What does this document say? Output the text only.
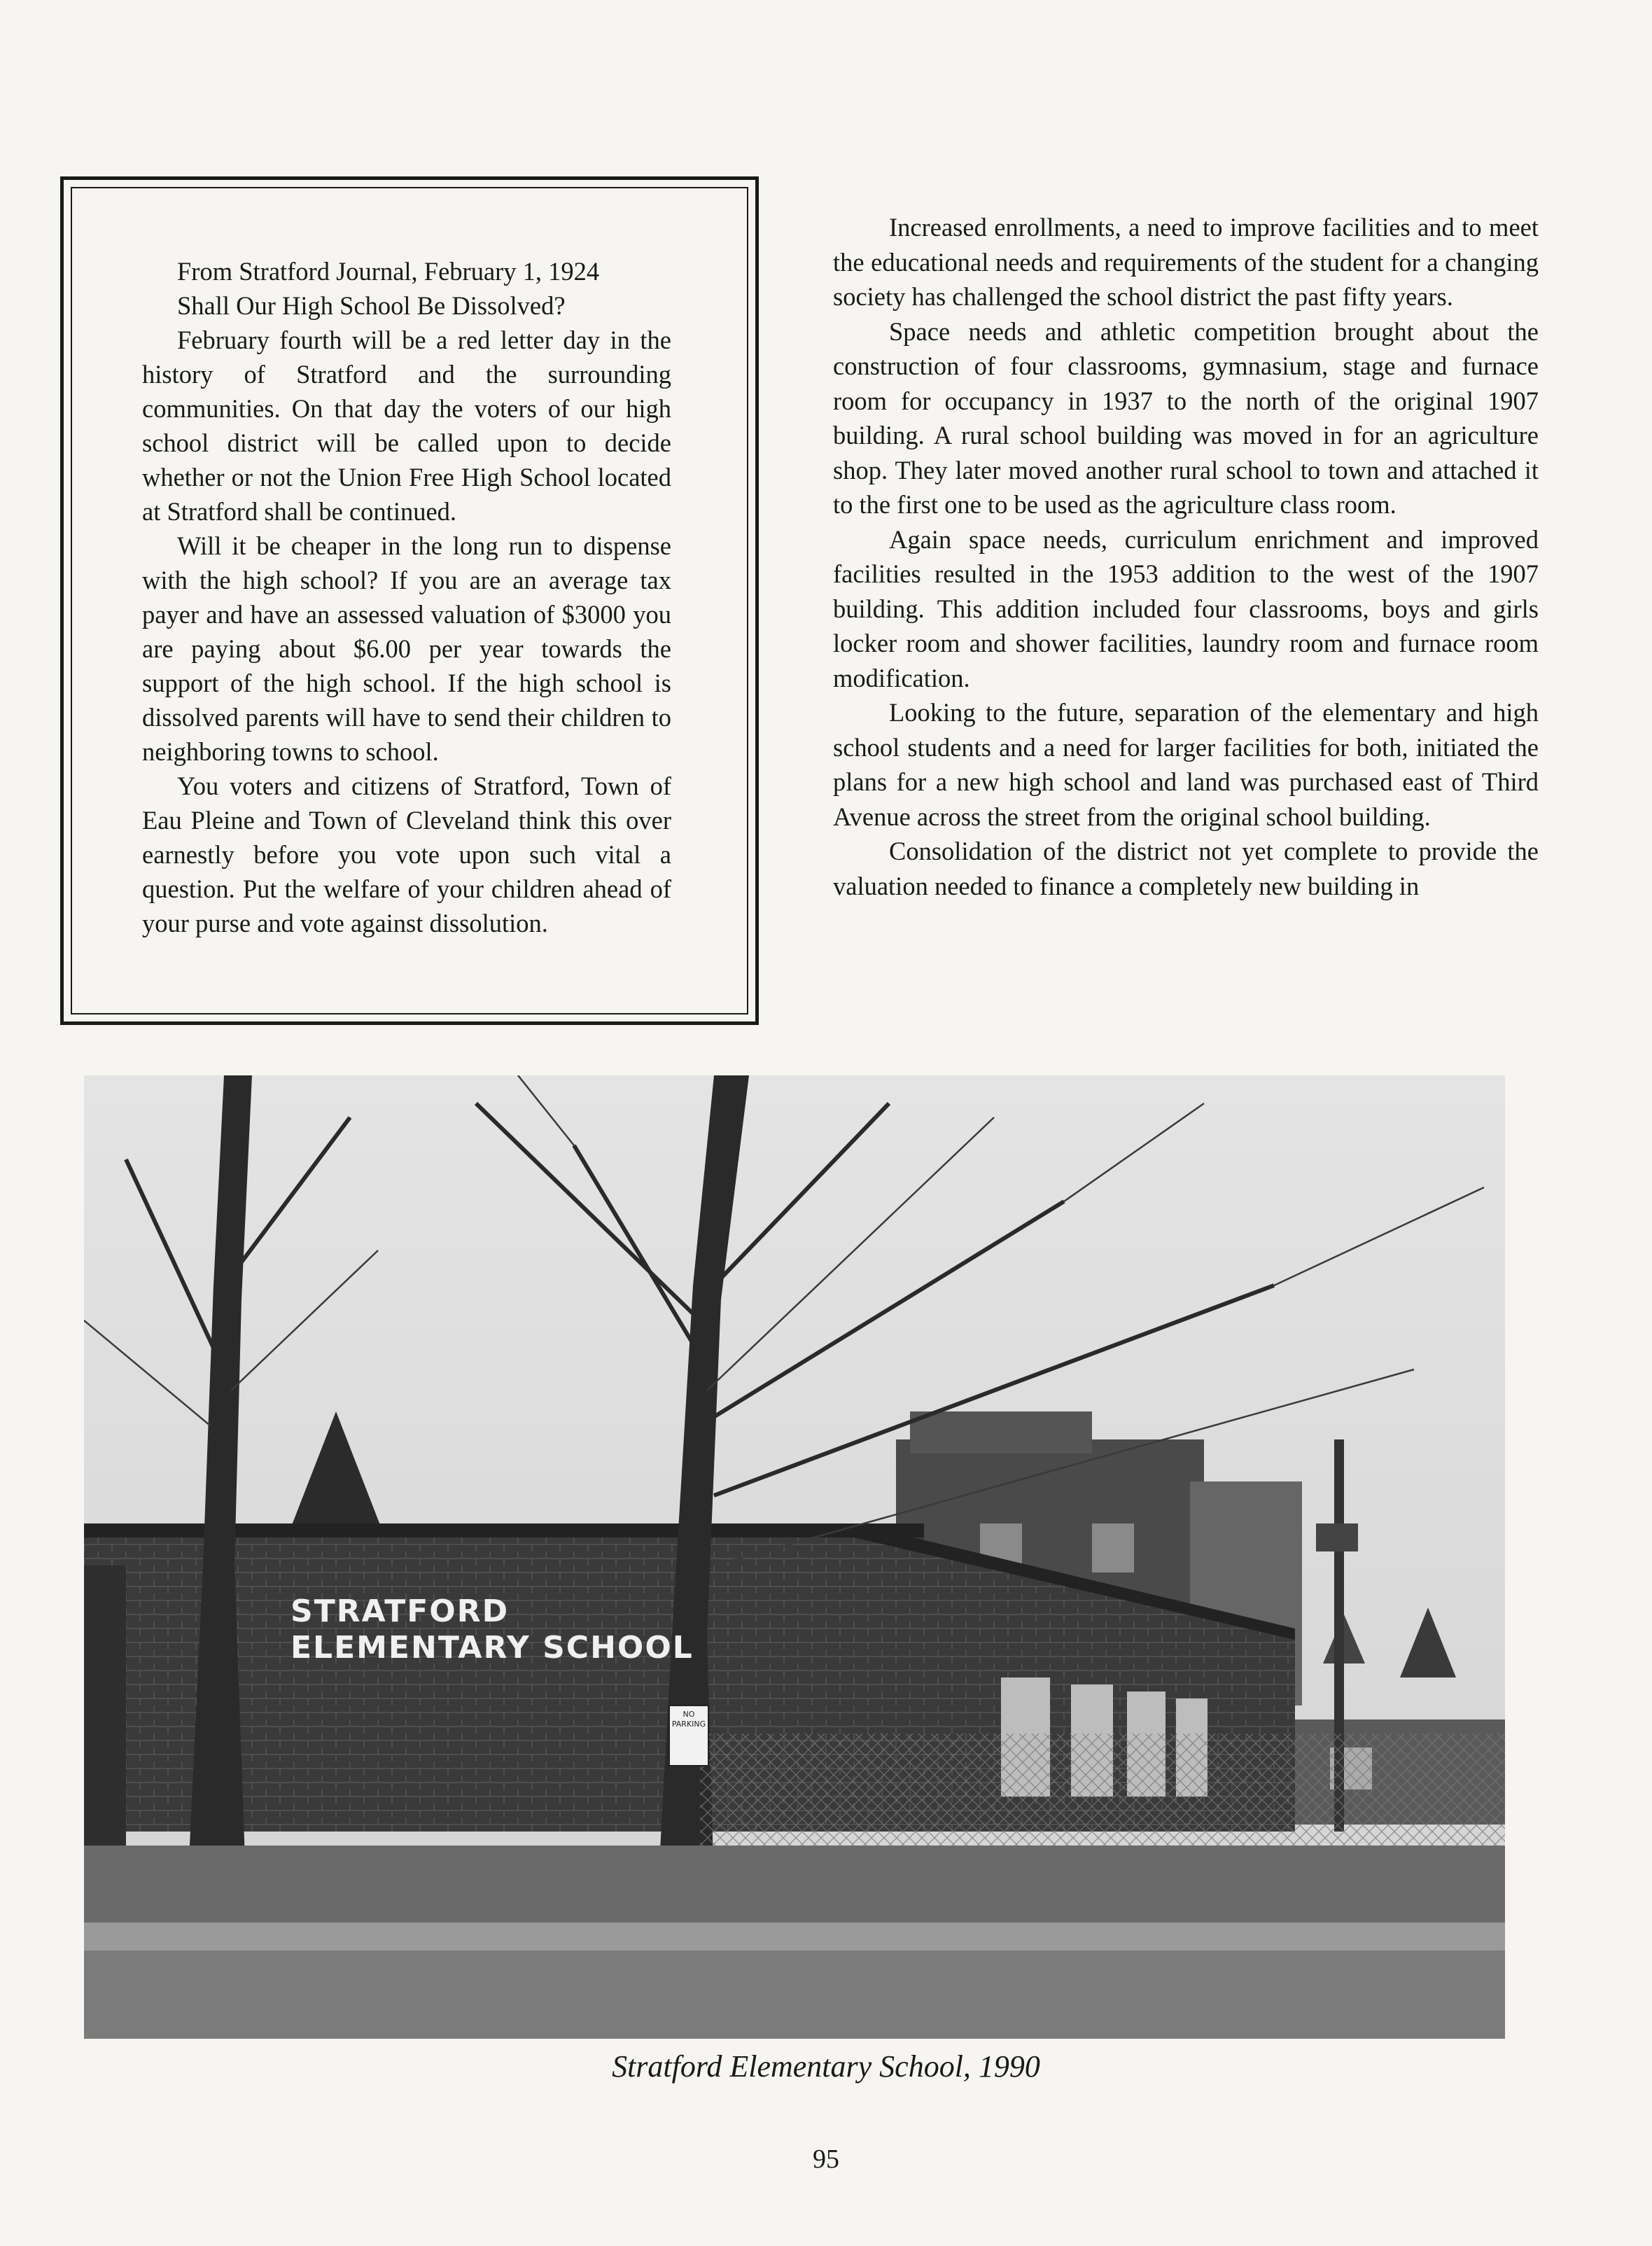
From Stratford Journal, February 1, 1924

Shall Our High School Be Dissolved?

February fourth will be a red letter day in the history of Stratford and the surrounding communities. On that day the voters of our high school district will be called upon to decide whether or not the Union Free High School located at Stratford shall be continued.

Will it be cheaper in the long run to dispense with the high school? If you are an average tax payer and have an assessed valuation of $3000 you are paying about $6.00 per year towards the support of the high school. If the high school is dissolved parents will have to send their children to neighboring towns to school.

You voters and citizens of Stratford, Town of Eau Pleine and Town of Cleveland think this over earnestly before you vote upon such vital a question. Put the welfare of your children ahead of your purse and vote against dissolution.

Increased enrollments, a need to improve facilities and to meet the educational needs and requirements of the student for a changing society has challenged the school district the past fifty years.

Space needs and athletic competition brought about the construction of four classrooms, gymnasium, stage and furnace room for occupancy in 1937 to the north of the original 1907 building. A rural school building was moved in for an agriculture shop. They later moved another rural school to town and attached it to the first one to be used as the agriculture class room.

Again space needs, curriculum enrichment and improved facilities resulted in the 1953 addition to the west of the 1907 building. This addition included four classrooms, boys and girls locker room and shower facilities, laundry room and furnace room modification.

Looking to the future, separation of the elementary and high school students and a need for larger facilities for both, initiated the plans for a new high school and land was purchased east of Third Avenue across the street from the original school building.

Consolidation of the district not yet complete to provide the valuation needed to finance a completely new building in

STRATFORD
ELEMENTARY SCHOOL
NO PARKING
Stratford Elementary School, 1990
95
